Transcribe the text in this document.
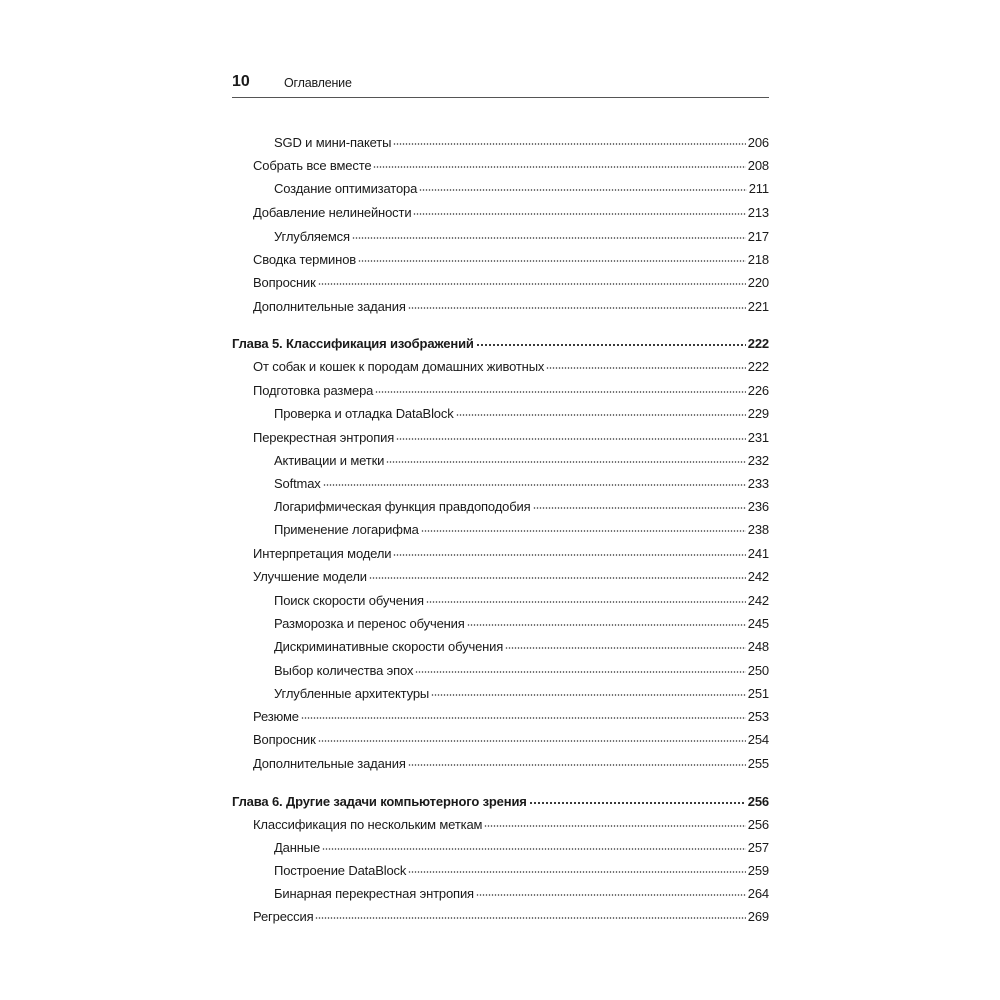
10	Оглавление
SGD и мини-пакеты	206
Собрать все вместе	208
Создание оптимизатора	211
Добавление нелинейности	213
Углубляемся	217
Сводка терминов	218
Вопросник	220
Дополнительные задания	221
Глава 5. Классификация изображений	222
От собак и кошек к породам домашних животных	222
Подготовка размера	226
Проверка и отладка DataBlock	229
Перекрестная энтропия	231
Активации и метки	232
Softmax	233
Логарифмическая функция правдоподобия	236
Применение логарифма	238
Интерпретация модели	241
Улучшение модели	242
Поиск скорости обучения	242
Разморозка и перенос обучения	245
Дискриминативные скорости обучения	248
Выбор количества эпох	250
Углубленные архитектуры	251
Резюме	253
Вопросник	254
Дополнительные задания	255
Глава 6. Другие задачи компьютерного зрения	256
Классификация по нескольким меткам	256
Данные	257
Построение DataBlock	259
Бинарная перекрестная энтропия	264
Регрессия	269
